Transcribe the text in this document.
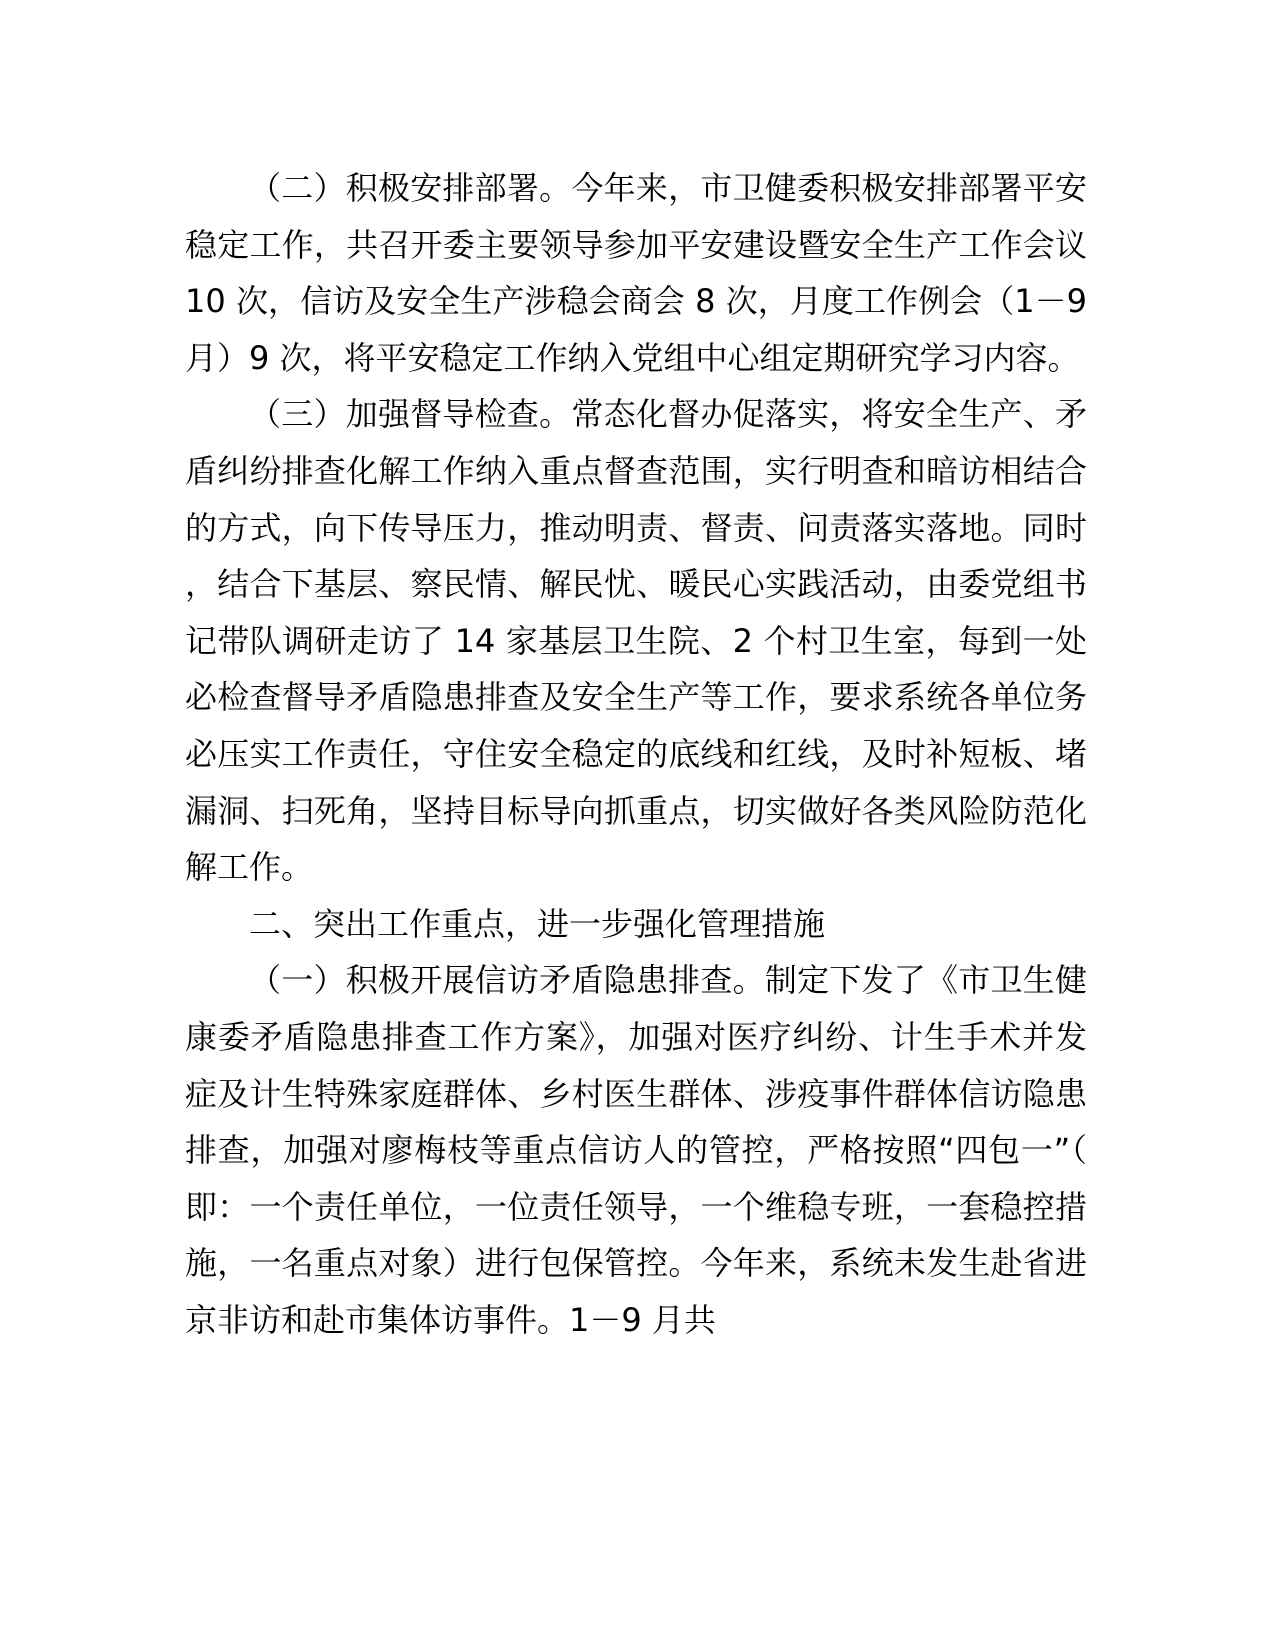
（二）积极安排部署。今年来，市卫健委积极安排部署平安稳定工作，共召开委主要领导参加平安建设暨安全生产工作会议 10 次，信访及安全生产涉稳会商会 8 次，月度工作例会（1－9 月）9 次，将平安稳定工作纳入党组中心组定期研究学习内容。

（三）加强督导检查。常态化督办促落实，将安全生产、矛盾纠纷排查化解工作纳入重点督查范围，实行明查和暗访相结合的方式，向下传导压力，推动明责、督责、问责落实落地。同时，结合下基层、察民情、解民忧、暖民心实践活动，由委党组书记带队调研走访了 14 家基层卫生院、2 个村卫生室，每到一处必检查督导矛盾隐患排查及安全生产等工作，要求系统各单位务必压实工作责任，守住安全稳定的底线和红线，及时补短板、堵漏洞、扫死角，坚持目标导向抓重点，切实做好各类风险防范化解工作。

二、突出工作重点，进一步强化管理措施

（一）积极开展信访矛盾隐患排查。制定下发了《市卫生健康委矛盾隐患排查工作方案》，加强对医疗纠纷、计生手术并发症及计生特殊家庭群体、乡村医生群体、涉疫事件群体信访隐患排查，加强对廖梅枝等重点信访人的管控，严格按照“四包一”（即：一个责任单位，一位责任领导，一个维稳专班，一套稳控措施，一名重点对象）进行包保管控。今年来，系统未发生赴省进京非访和赴市集体访事件。1－9 月共
